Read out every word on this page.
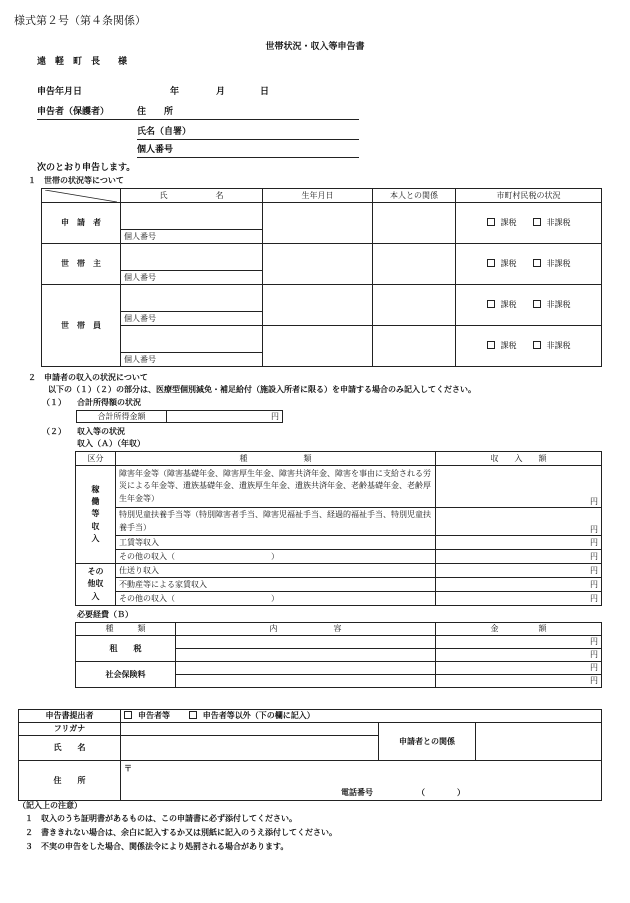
様式第２号（第４条関係）
世帯状況・収入等申告書
遠　軽　町　長　　様
申告年月日	年	月	日
申告者（保護者）	住　　所
氏名（自署）
個人番号
次のとおり申告します。
１　世帯の状況等について
	氏　　　　　　名	生年月日	本人との関係	市町村民税の状況
申　請　者				課税　　 非課税
	個人番号			
世　帯　主				課税　　 非課税
	個人番号			
世　帯　員				課税　　 非課税
	個人番号			
				課税　　 非課税
	個人番号			
２　申請者の収入の状況について
以下の（１）（２）の部分は、医療型個別減免・補足給付（施設入所者に限る）を申請する場合のみ記入してください。
（１） 合計所得額の状況
合計所得金額	円
（２） 収入等の状況
収入（Ａ）（年収）
区分	種　　　　　　　類	収　　入　　額
稼働等収入	障害年金等（障害基礎年金、障害厚生年金、障害共済年金、障害を事由に支給される労災による年金等、遺族基礎年金、遺族厚生年金、遺族共済年金、老齢基礎年金、老齢厚生年金等）	円
	特別児童扶養手当等（特別障害者手当、障害児福祉手当、経過的福祉手当、特別児童扶養手当）	円
	工賃等収入	円
	その他の収入（　　　　　　　　　　　　）	円
その他収入	仕送り収入	円
	不動産等による家賃収入	円
	その他の収入（　　　　　　　　　　　　）	円
必要経費（Ｂ）
種　　　類	内　　　　　　　容	金　　　　　額
租　　税		円
		円
社会保険料		円
		円
申告書提出者	申告者等　　 申告者等以外（下の欄に記入）		
フリガナ		申請者との関係	
氏　　名			
住　　所	〒
電話番号　　　　　　（　　　　）		
（記入上の注意）
１　収入のうち証明書があるものは、この申請書に必ず添付してください。
２　書ききれない場合は、余白に記入するか又は別紙に記入のうえ添付してください。
３　不実の申告をした場合、関係法令により処罰される場合があります。
